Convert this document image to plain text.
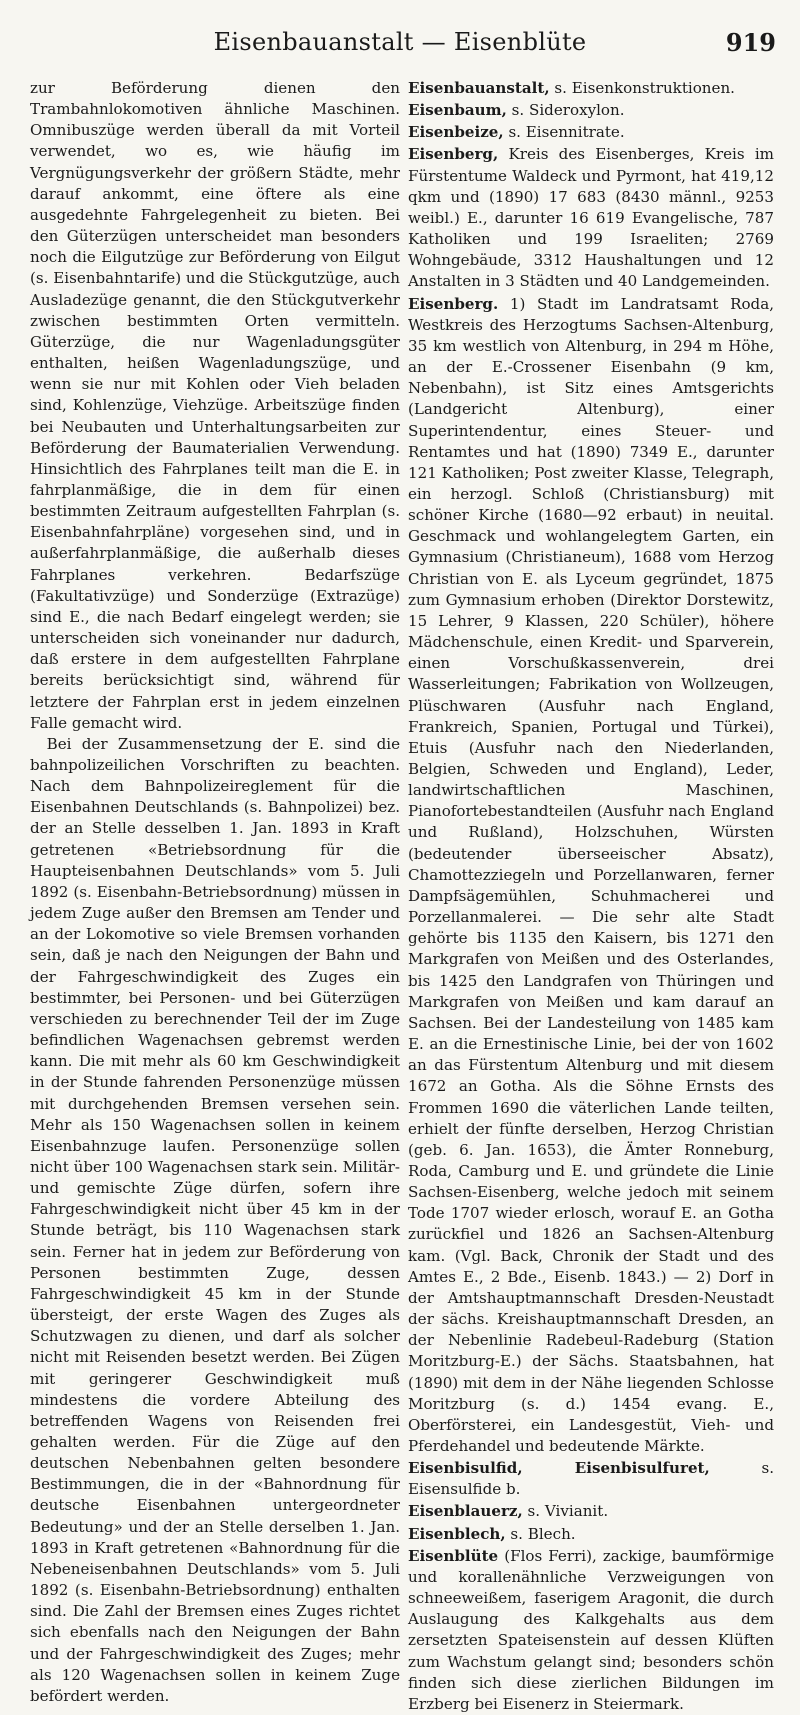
Eisenbauanstalt — Eisenblüte	919

zur Beförderung dienen den Trambahnlokomotiven ähnliche Maschinen. Omnibuszüge werden überall da mit Vorteil verwendet, wo es, wie häufig im Vergnügungsverkehr der größern Städte, mehr darauf ankommt, eine öftere als eine ausgedehnte Fahrgelegenheit zu bieten. Bei den Güterzügen unterscheidet man besonders noch die Eilgutzüge zur Beförderung von Eilgut (s. Eisenbahntarife) und die Stückgutzüge, auch Ausladezüge genannt, die den Stückgutverkehr zwischen bestimmten Orten vermitteln. Güterzüge, die nur Wagenladungsgüter enthalten, heißen Wagenladungszüge, und wenn sie nur mit Kohlen oder Vieh beladen sind, Kohlenzüge, Viehzüge. Arbeitszüge finden bei Neubauten und Unterhaltungsarbeiten zur Beförderung der Baumaterialien Verwendung. Hinsichtlich des Fahrplanes teilt man die E. in fahrplanmäßige, die in dem für einen bestimmten Zeitraum aufgestellten Fahrplan (s. Eisenbahnfahrpläne) vorgesehen sind, und in außerfahrplanmäßige, die außerhalb dieses Fahrplanes verkehren. Bedarfszüge (Fakultativzüge) und Sonderzüge (Extrazüge) sind E., die nach Bedarf eingelegt werden; sie unterscheiden sich voneinander nur dadurch, daß erstere in dem aufgestellten Fahrplane bereits berücksichtigt sind, während für letztere der Fahrplan erst in jedem einzelnen Falle gemacht wird.

Bei der Zusammensetzung der E. sind die bahnpolizeilichen Vorschriften zu beachten. Nach dem Bahnpolizeireglement für die Eisenbahnen Deutschlands (s. Bahnpolizei) bez. der an Stelle desselben 1. Jan. 1893 in Kraft getretenen «Betriebsordnung für die Haupteisenbahnen Deutschlands» vom 5. Juli 1892 (s. Eisenbahn-Betriebsordnung) müssen in jedem Zuge außer den Bremsen am Tender und an der Lokomotive so viele Bremsen vorhanden sein, daß je nach den Neigungen der Bahn und der Fahrgeschwindigkeit des Zuges ein bestimmter, bei Personen- und bei Güterzügen verschieden zu berechnender Teil der im Zuge befindlichen Wagenachsen gebremst werden kann. Die mit mehr als 60 km Geschwindigkeit in der Stunde fahrenden Personenzüge müssen mit durchgehenden Bremsen versehen sein. Mehr als 150 Wagenachsen sollen in keinem Eisenbahnzuge laufen. Personenzüge sollen nicht über 100 Wagenachsen stark sein. Militär- und gemischte Züge dürfen, sofern ihre Fahrgeschwindigkeit nicht über 45 km in der Stunde beträgt, bis 110 Wagenachsen stark sein. Ferner hat in jedem zur Beförderung von Personen bestimmten Zuge, dessen Fahrgeschwindigkeit 45 km in der Stunde übersteigt, der erste Wagen des Zuges als Schutzwagen zu dienen, und darf als solcher nicht mit Reisenden besetzt werden. Bei Zügen mit geringerer Geschwindigkeit muß mindestens die vordere Abteilung des betreffenden Wagens von Reisenden frei gehalten werden. Für die Züge auf den deutschen Nebenbahnen gelten besondere Bestimmungen, die in der «Bahnordnung für deutsche Eisenbahnen untergeordneter Bedeutung» und der an Stelle derselben 1. Jan. 1893 in Kraft getretenen «Bahnordnung für die Nebeneisenbahnen Deutschlands» vom 5. Juli 1892 (s. Eisenbahn-Betriebsordnung) enthalten sind. Die Zahl der Bremsen eines Zuges richtet sich ebenfalls nach den Neigungen der Bahn und der Fahrgeschwindigkeit des Zuges; mehr als 120 Wagenachsen sollen in keinem Zuge befördert werden.

Eisenbauanstalt, s. Eisenkonstruktionen.
Eisenbaum, s. Sideroxylon.
Eisenbeize, s. Eisennitrate.
Eisenberg, Kreis des Eisenberges, Kreis im Fürstentume Waldeck und Pyrmont, hat 419,12 qkm und (1890) 17 683 (8430 männl., 9253 weibl.) E., darunter 16 619 Evangelische, 787 Katholiken und 199 Israeliten; 2769 Wohngebäude, 3312 Haushaltungen und 12 Anstalten in 3 Städten und 40 Landgemeinden.
Eisenberg. 1) Stadt im Landratsamt Roda, Westkreis des Herzogtums Sachsen-Altenburg, 35 km westlich von Altenburg, in 294 m Höhe, an der E.-Crossener Eisenbahn (9 km, Nebenbahn), ist Sitz eines Amtsgerichts (Landgericht Altenburg), einer Superintendentur, eines Steuer- und Rentamtes und hat (1890) 7349 E., darunter 121 Katholiken; Post zweiter Klasse, Telegraph, ein herzogl. Schloß (Christiansburg) mit schöner Kirche (1680—92 erbaut) in neuital. Geschmack und wohlangelegtem Garten, ein Gymnasium (Christianeum), 1688 vom Herzog Christian von E. als Lyceum gegründet, 1875 zum Gymnasium erhoben (Direktor Dorstewitz, 15 Lehrer, 9 Klassen, 220 Schüler), höhere Mädchenschule, einen Kredit- und Sparverein, einen Vorschußkassenverein, drei Wasserleitungen; Fabrikation von Wollzeugen, Plüschwaren (Ausfuhr nach England, Frankreich, Spanien, Portugal und Türkei), Etuis (Ausfuhr nach den Niederlanden, Belgien, Schweden und England), Leder, landwirtschaftlichen Maschinen, Pianofortebestandteilen (Ausfuhr nach England und Rußland), Holzschuhen, Würsten (bedeutender überseeischer Absatz), Chamottezziegeln und Porzellanwaren, ferner Dampfsägemühlen, Schuhmacherei und Porzellanmalerei. — Die sehr alte Stadt gehörte bis 1135 den Kaisern, bis 1271 den Markgrafen von Meißen und des Osterlandes, bis 1425 den Landgrafen von Thüringen und Markgrafen von Meißen und kam darauf an Sachsen. Bei der Landesteilung von 1485 kam E. an die Ernestinische Linie, bei der von 1602 an das Fürstentum Altenburg und mit diesem 1672 an Gotha. Als die Söhne Ernsts des Frommen 1690 die väterlichen Lande teilten, erhielt der fünfte derselben, Herzog Christian (geb. 6. Jan. 1653), die Ämter Ronneburg, Roda, Camburg und E. und gründete die Linie Sachsen-Eisenberg, welche jedoch mit seinem Tode 1707 wieder erlosch, worauf E. an Gotha zurückfiel und 1826 an Sachsen-Altenburg kam. (Vgl. Back, Chronik der Stadt und des Amtes E., 2 Bde., Eisenb. 1843.) — 2) Dorf in der Amtshauptmannschaft Dresden-Neustadt der sächs. Kreishauptmannschaft Dresden, an der Nebenlinie Radebeul-Radeburg (Station Moritzburg-E.) der Sächs. Staatsbahnen, hat (1890) mit dem in der Nähe liegenden Schlosse Moritzburg (s. d.) 1454 evang. E., Oberförsterei, ein Landesgestüt, Vieh- und Pferdehandel und bedeutende Märkte.
Eisenbisulfid, Eisenbisulfuret, s. Eisensulfide b.
Eisenblauerz, s. Vivianit.
Eisenblech, s. Blech.
Eisenblüte (Flos Ferri), zackige, baumförmige und korallenähnliche Verzweigungen von schneeweißem, faserigem Aragonit, die durch Auslaugung des Kalkgehalts aus dem zersetzten Spateisenstein auf dessen Klüften zum Wachstum gelangt sind; besonders schön finden sich diese zierlichen Bildungen im Erzberg bei Eisenerz in Steiermark.
